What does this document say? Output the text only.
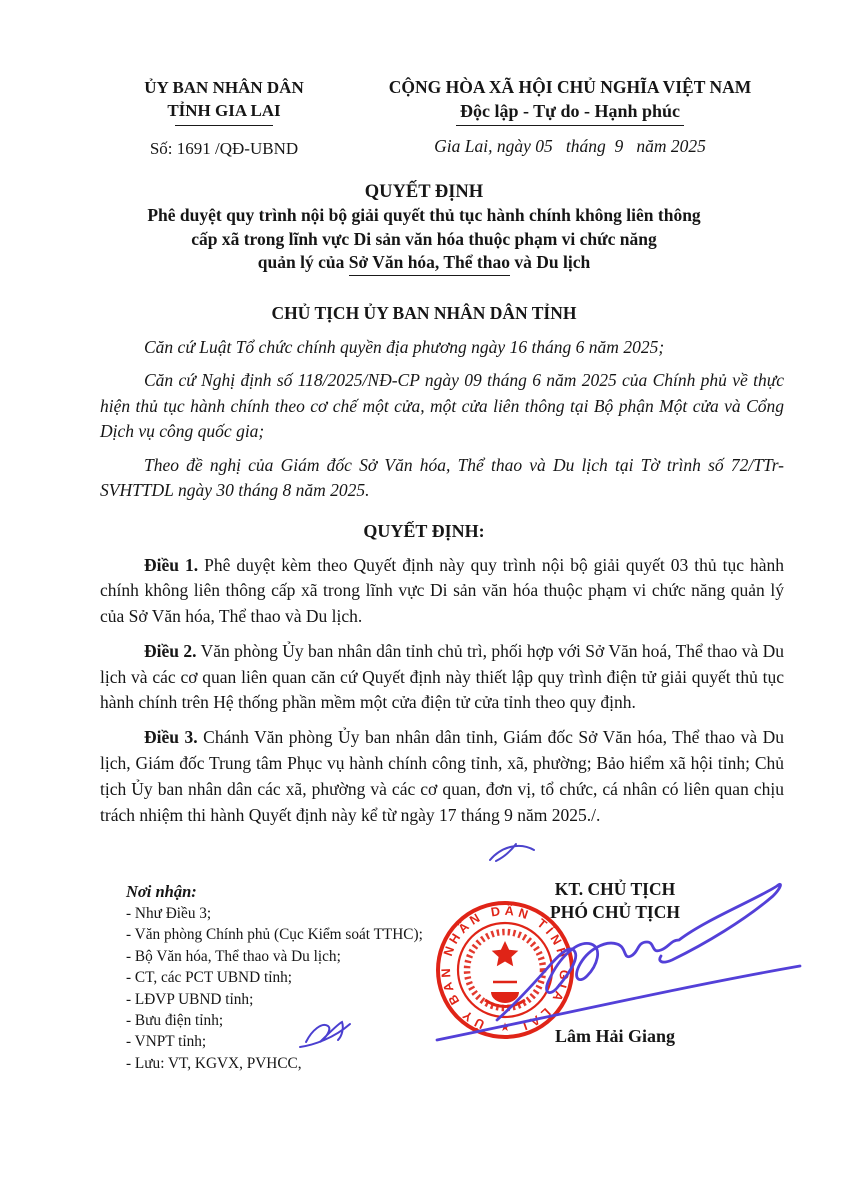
ỦY BAN NHÂN DÂN
TỈNH GIA LAI
Số: 1691 /QĐ-UBND
CỘNG HÒA XÃ HỘI CHỦ NGHĨA VIỆT NAM
Độc lập - Tự do - Hạnh phúc
Gia Lai, ngày 05   tháng  9   năm 2025
QUYẾT ĐỊNH
Phê duyệt quy trình nội bộ giải quyết thủ tục hành chính không liên thông
cấp xã trong lĩnh vực Di sản văn hóa thuộc phạm vi chức năng
quản lý của Sở Văn hóa, Thể thao và Du lịch
CHỦ TỊCH ỦY BAN NHÂN DÂN TỈNH

Căn cứ Luật Tổ chức chính quyền địa phương ngày 16 tháng 6 năm 2025;

Căn cứ Nghị định số 118/2025/NĐ-CP ngày 09 tháng 6 năm 2025 của Chính phủ về thực hiện thủ tục hành chính theo cơ chế một cửa, một cửa liên thông tại Bộ phận Một cửa và Cổng Dịch vụ công quốc gia;

Theo đề nghị của Giám đốc Sở Văn hóa, Thể thao và Du lịch tại Tờ trình số 72/TTr-SVHTTDL ngày 30 tháng 8 năm 2025.

QUYẾT ĐỊNH:

Điều 1. Phê duyệt kèm theo Quyết định này quy trình nội bộ giải quyết 03 thủ tục hành chính không liên thông cấp xã trong lĩnh vực Di sản văn hóa thuộc phạm vi chức năng quản lý của Sở Văn hóa, Thể thao và Du lịch.

Điều 2. Văn phòng Ủy ban nhân dân tỉnh chủ trì, phối hợp với Sở Văn hoá, Thể thao và Du lịch và các cơ quan liên quan căn cứ Quyết định này thiết lập quy trình điện tử giải quyết thủ tục hành chính trên Hệ thống phần mềm một cửa điện tử cửa tỉnh theo quy định.

Điều 3. Chánh Văn phòng Ủy ban nhân dân tỉnh, Giám đốc Sở Văn hóa, Thể thao và Du lịch, Giám đốc Trung tâm Phục vụ hành chính công tỉnh, xã, phường; Bảo hiểm xã hội tỉnh; Chủ tịch Ủy ban nhân dân các xã, phường và các cơ quan, đơn vị, tổ chức, cá nhân có liên quan chịu trách nhiệm thi hành Quyết định này kể từ ngày 17 tháng 9 năm 2025./.

Nơi nhận:
- Như Điều 3;
- Văn phòng Chính phủ (Cục Kiểm soát TTHC);
- Bộ Văn hóa, Thể thao và Du lịch;
- CT, các PCT UBND tỉnh;
- LĐVP UBND tỉnh;
- Bưu điện tỉnh;
- VNPT tỉnh;
- Lưu: VT, KGVX, PVHCC,
KT. CHỦ TỊCH
PHÓ CHỦ TỊCH
Lâm Hải Giang
ỦY BAN NHÂN DÂN TỈNH GIA LAI
★
